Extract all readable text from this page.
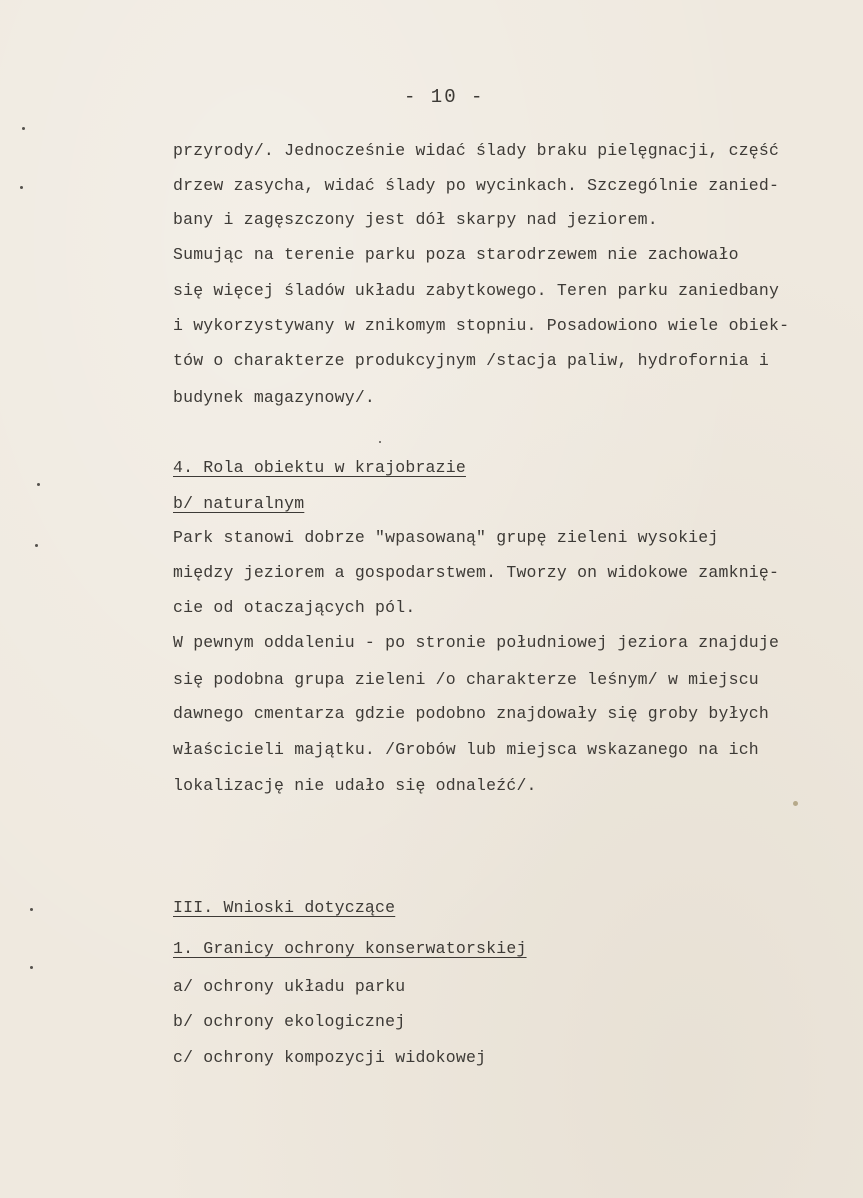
- 10 -
przyrody/. Jednocześnie widać ślady braku pielęgnacji, część
drzew zasycha, widać ślady po wycinkach. Szczególnie zanied-
bany i zagęszczony jest dół skarpy nad jeziorem.
Sumując na terenie parku poza starodrzewem nie zachowało
się więcej śladów układu zabytkowego. Teren parku zaniedbany
i wykorzystywany w znikomym stopniu. Posadowiono wiele obiek-
tów o charakterze produkcyjnym /stacja paliw, hydrofornia i
budynek magazynowy/.
4. Rola obiektu w krajobrazie
b/ naturalnym
Park stanowi dobrze "wpasowaną" grupę zieleni wysokiej
między jeziorem a gospodarstwem. Tworzy on widokowe zamknię-
cie od otaczających pól.
W pewnym oddaleniu - po stronie południowej jeziora znajduje
się podobna grupa zieleni /o charakterze leśnym/ w miejscu
dawnego cmentarza gdzie podobno znajdowały się groby byłych
właścicieli majątku. /Grobów lub miejsca wskazanego na ich
lokalizację nie udało się odnaleźć/.
III. Wnioski dotyczące
1. Granicy ochrony konserwatorskiej
a/ ochrony układu parku
b/ ochrony ekologicznej
c/ ochrony kompozycji widokowej
